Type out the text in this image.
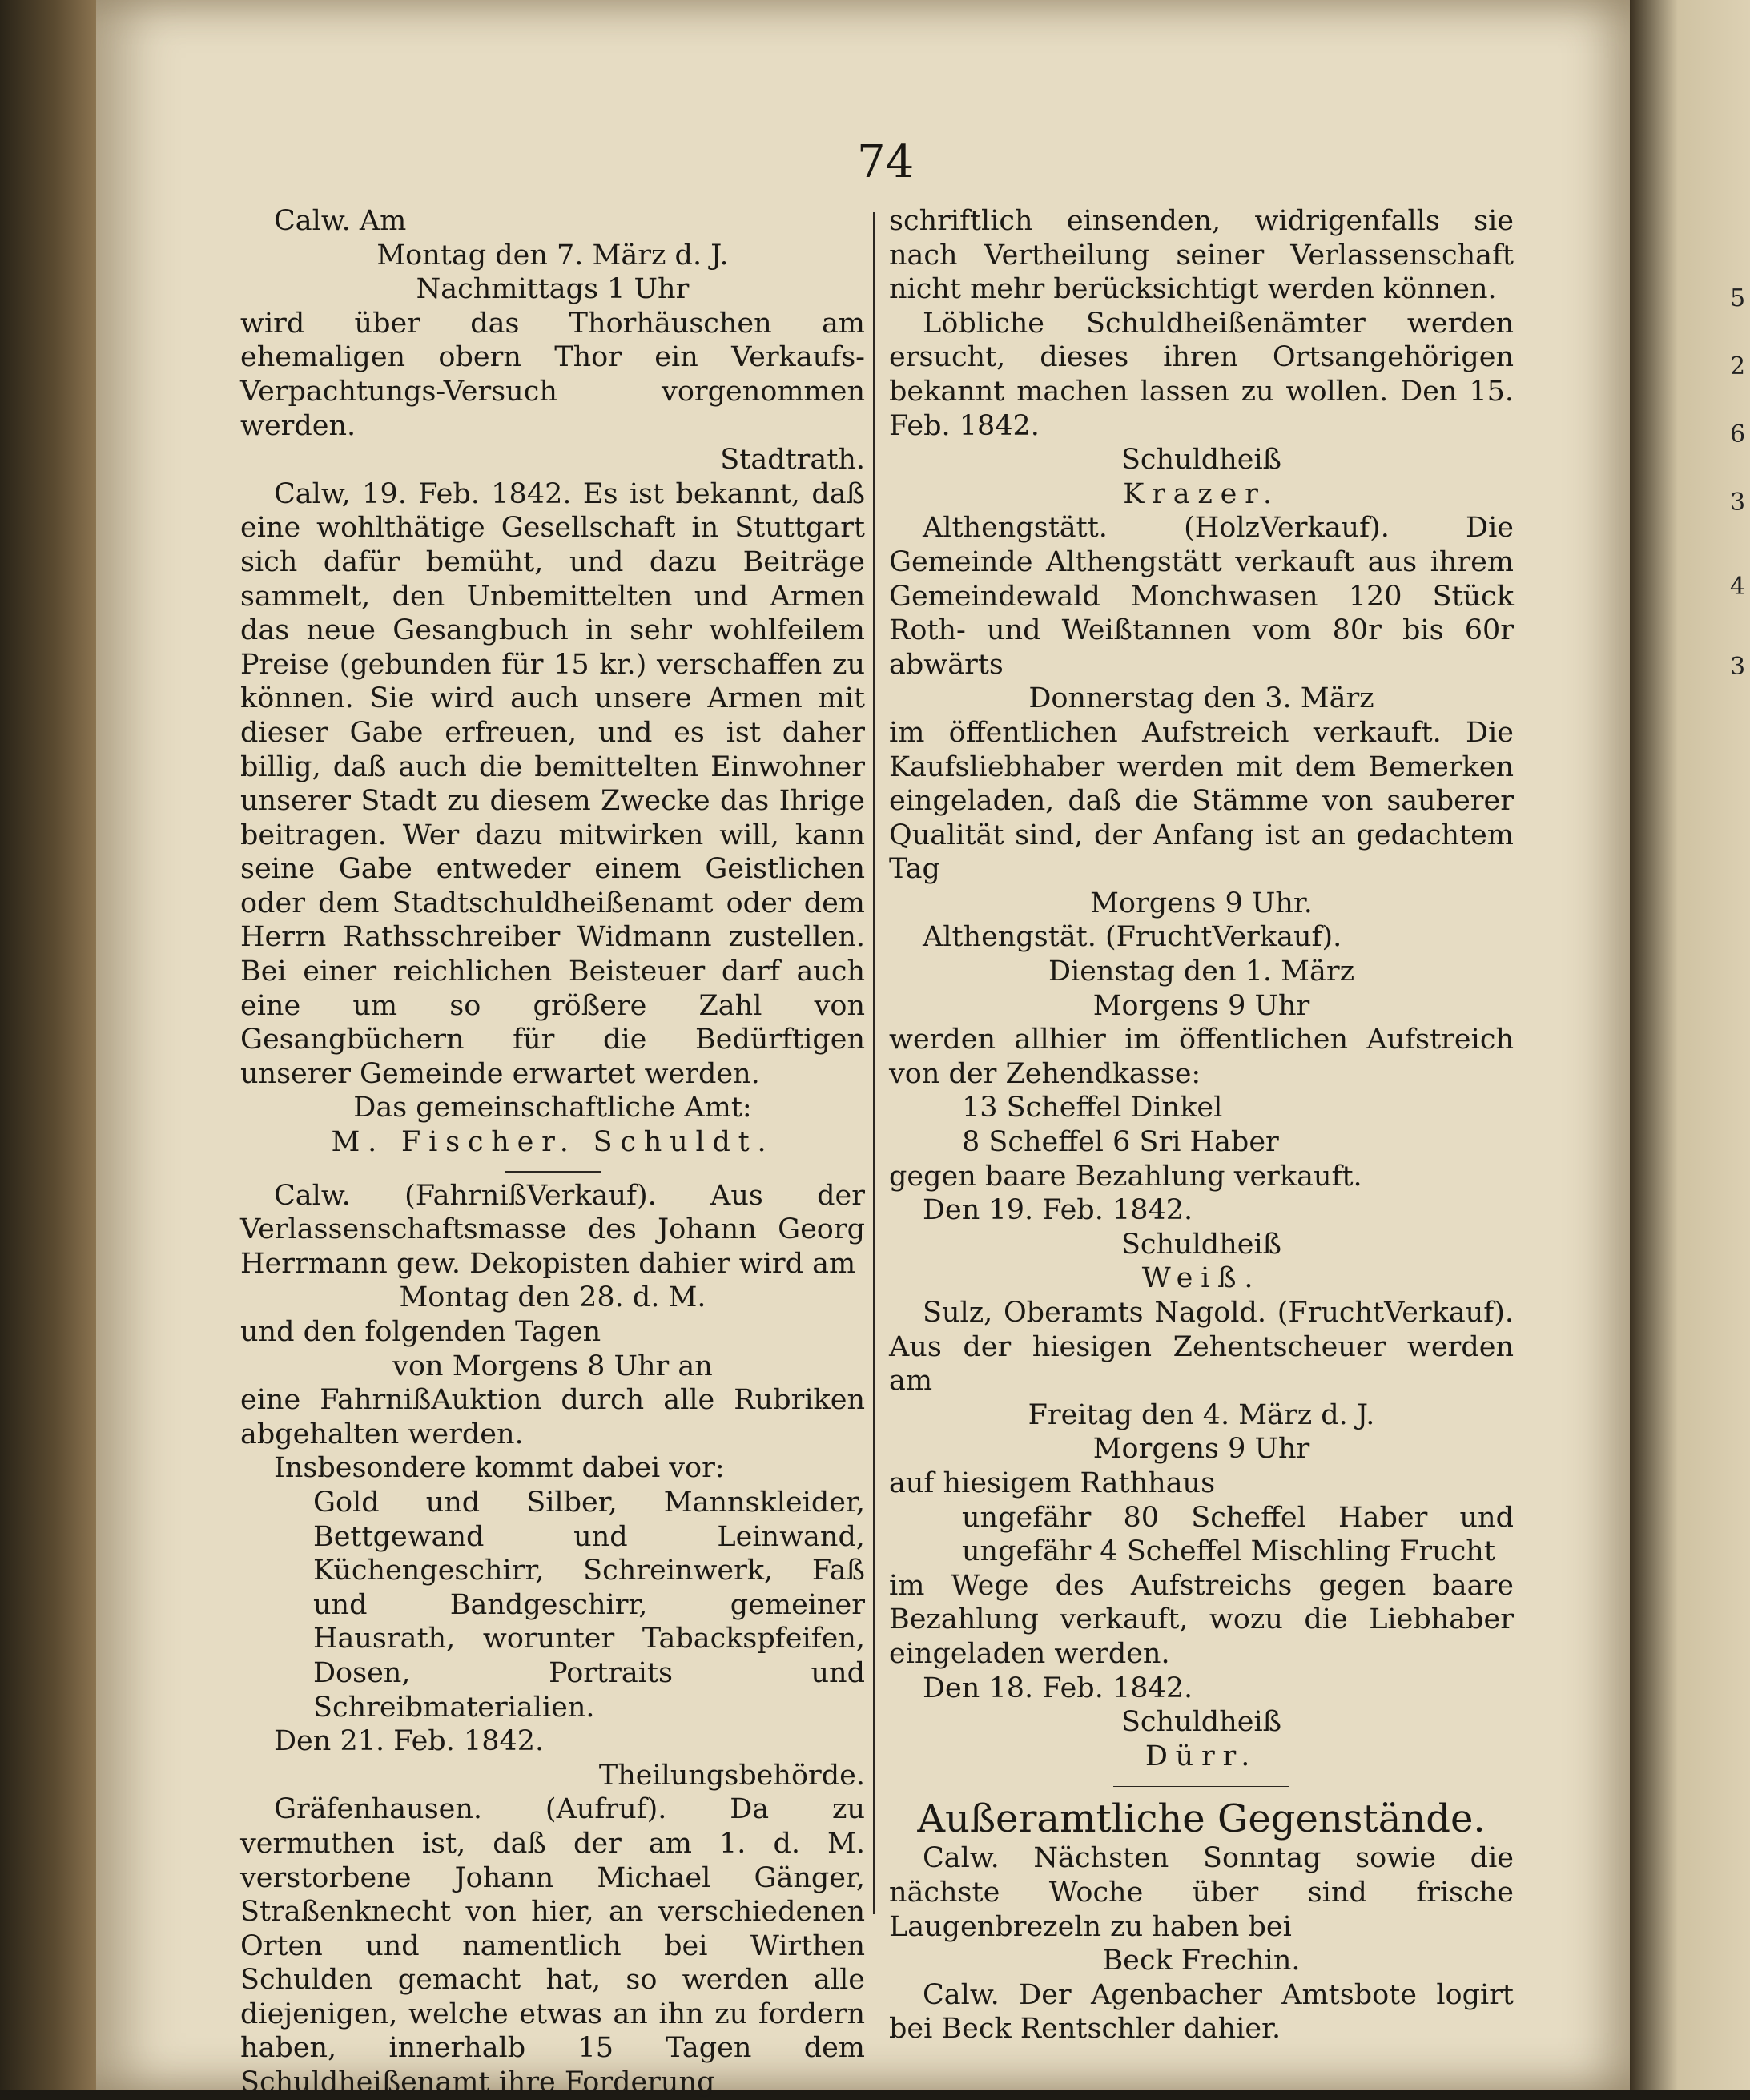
74

Calw. Am

Montag den 7. März d. J.

Nachmittags 1 Uhr

wird über das Thorhäuschen am ehemaligen obern Thor ein Verkaufs-Verpachtungs-Versuch vorgenommen werden.

Stadtrath.

Calw, 19. Feb. 1842. Es ist bekannt, daß eine wohlthätige Gesellschaft in Stuttgart sich dafür bemüht, und dazu Beiträge sammelt, den Unbemittelten und Armen das neue Gesangbuch in sehr wohlfeilem Preise (gebunden für 15 kr.) verschaffen zu können. Sie wird auch unsere Armen mit dieser Gabe erfreuen, und es ist daher billig, daß auch die bemittelten Einwohner unserer Stadt zu diesem Zwecke das Ihrige beitragen. Wer dazu mitwirken will, kann seine Gabe entweder einem Geistlichen oder dem Stadtschuldheißenamt oder dem Herrn Rathsschreiber Widmann zustellen. Bei einer reichlichen Beisteuer darf auch eine um so größere Zahl von Gesangbüchern für die Bedürftigen unserer Gemeinde erwartet werden.

Das gemeinschaftliche Amt:

M. Fischer. Schuldt.

Calw. (FahrnißVerkauf). Aus der Verlassenschaftsmasse des Johann Georg Herrmann gew. Dekopisten dahier wird am

Montag den 28. d. M.

und den folgenden Tagen

von Morgens 8 Uhr an

eine FahrnißAuktion durch alle Rubriken abgehalten werden.

Insbesondere kommt dabei vor:

Gold und Silber, Mannskleider, Bettgewand und Leinwand, Küchengeschirr, Schreinwerk, Faß und Bandgeschirr, gemeiner Hausrath, worunter Tabackspfeifen, Dosen, Portraits und Schreibmaterialien.

Den 21. Feb. 1842.

Theilungsbehörde.

Gräfenhausen. (Aufruf). Da zu vermuthen ist, daß der am 1. d. M. verstorbene Johann Michael Gänger, Straßenknecht von hier, an verschiedenen Orten und namentlich bei Wirthen Schulden gemacht hat, so werden alle diejenigen, welche etwas an ihn zu fordern haben, innerhalb 15 Tagen dem Schuldheißenamt ihre Forderung

schriftlich einsenden, widrigenfalls sie nach Vertheilung seiner Verlassenschaft nicht mehr berücksichtigt werden können.

Löbliche Schuldheißenämter werden ersucht, dieses ihren Ortsangehörigen bekannt machen lassen zu wollen. Den 15. Feb. 1842.

Schuldheiß

Krazer.

Althengstätt. (HolzVerkauf). Die Gemeinde Althengstätt verkauft aus ihrem Gemeindewald Monchwasen 120 Stück Roth- und Weißtannen vom 80r bis 60r abwärts

Donnerstag den 3. März

im öffentlichen Aufstreich verkauft. Die Kaufsliebhaber werden mit dem Bemerken eingeladen, daß die Stämme von sauberer Qualität sind, der Anfang ist an gedachtem Tag

Morgens 9 Uhr.

Althengstät. (FruchtVerkauf).

Dienstag den 1. März

Morgens 9 Uhr

werden allhier im öffentlichen Aufstreich von der Zehendkasse:

13 Scheffel Dinkel

8 Scheffel 6 Sri Haber

gegen baare Bezahlung verkauft.

Den 19. Feb. 1842.

Schuldheiß

Weiß.

Sulz, Oberamts Nagold. (FruchtVerkauf). Aus der hiesigen Zehentscheuer werden am

Freitag den 4. März d. J.

Morgens 9 Uhr

auf hiesigem Rathhaus

ungefähr 80 Scheffel Haber und ungefähr 4 Scheffel Mischling Frucht

im Wege des Aufstreichs gegen baare Bezahlung verkauft, wozu die Liebhaber eingeladen werden.

Den 18. Feb. 1842.

Schuldheiß

Dürr.

Außeramtliche Gegenstände.

Calw. Nächsten Sonntag sowie die nächste Woche über sind frische Laugenbrezeln zu haben bei

Beck Frechin.

Calw. Der Agenbacher Amtsbote logirt bei Beck Rentschler dahier.

5
2
6
3
4
3
